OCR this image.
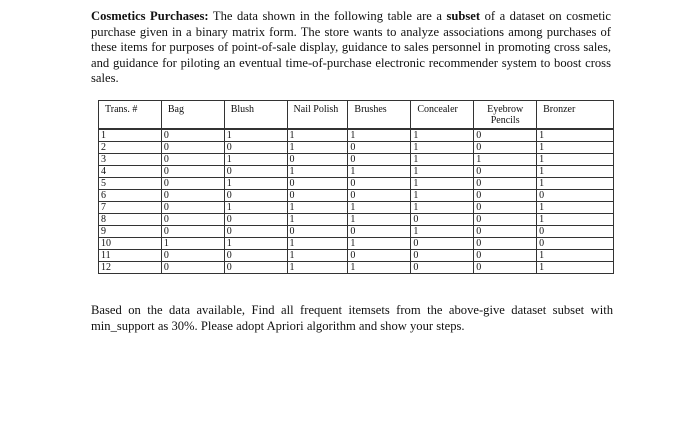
Cosmetics Purchases: The data shown in the following table are a subset of a dataset on cosmetic purchase given in a binary matrix form. The store wants to analyze associations among purchases of these items for purposes of point-of-sale display, guidance to sales personnel in promoting cross sales, and guidance for piloting an eventual time-of-purchase electronic recommender system to boost cross sales.

Trans. #	Bag	Blush	Nail Polish	Brushes	Concealer	Eyebrow Pencils	Bronzer
1	0	1	1	1	1	0	1
2	0	0	1	0	1	0	1
3	0	1	0	0	1	1	1
4	0	0	1	1	1	0	1
5	0	1	0	0	1	0	1
6	0	0	0	0	1	0	0
7	0	1	1	1	1	0	1
8	0	0	1	1	0	0	1
9	0	0	0	0	1	0	0
10	1	1	1	1	0	0	0
11	0	0	1	0	0	0	1
12	0	0	1	1	0	0	1

Based on the data available, Find all frequent itemsets from the above-give dataset subset with min_support as 30%. Please adopt Apriori algorithm and show your steps.
